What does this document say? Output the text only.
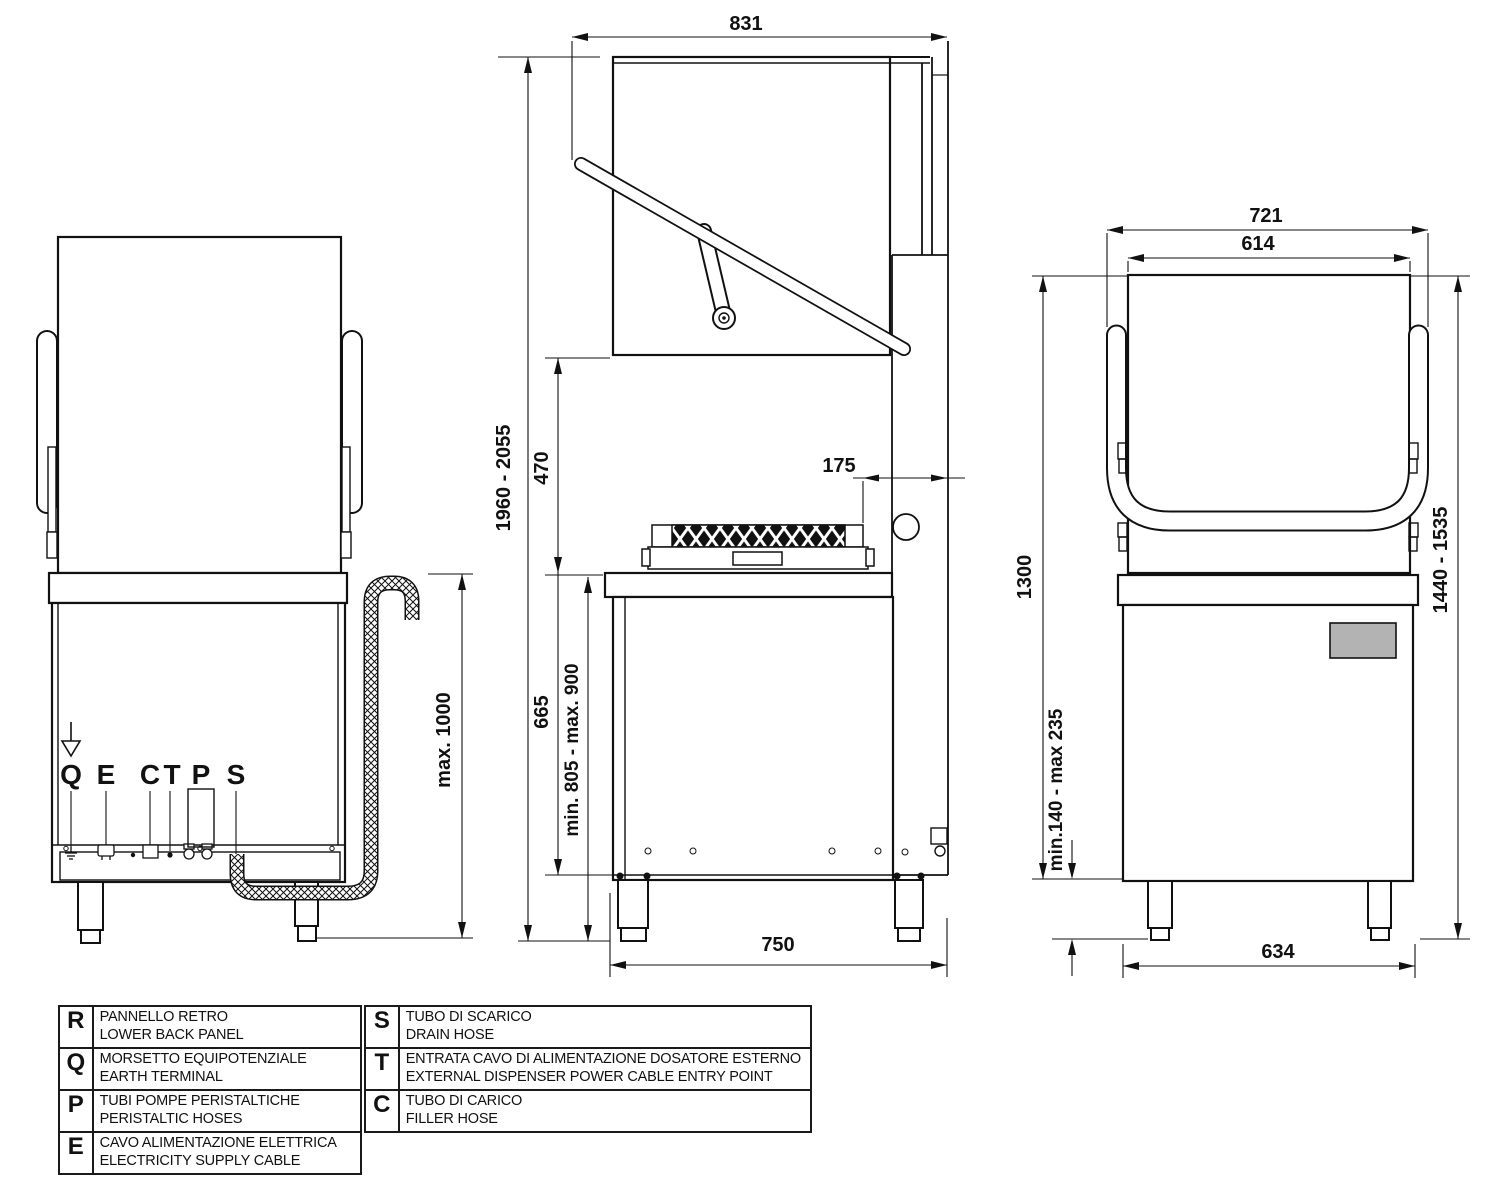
Q E C T P S	max. 1000
831
1960 - 2055 470
665 min. 805 - max. 900
175
750
721
614
1300	1440 - 1535
min.140 - max 235
634
R	PANNELLO RETRO
LOWER BACK PANEL
Q MORSETTO EQUIPOTENZIALE
EARTH TERMINAL
P	TUBI POMPE PERISTALTICHE
PERISTALTIC HOSES
E	CAVO ALIMENTAZIONE ELETTRICA
ELECTRICITY SUPPLY CABLE
S	TUBO DI SCARICO
DRAIN HOSE
T	ENTRATA CAVO DI ALIMENTAZIONE DOSATORE ESTERNO
EXTERNAL DISPENSER POWER CABLE ENTRY POINT
C	TUBO DI CARICO
FILLER HOSE
